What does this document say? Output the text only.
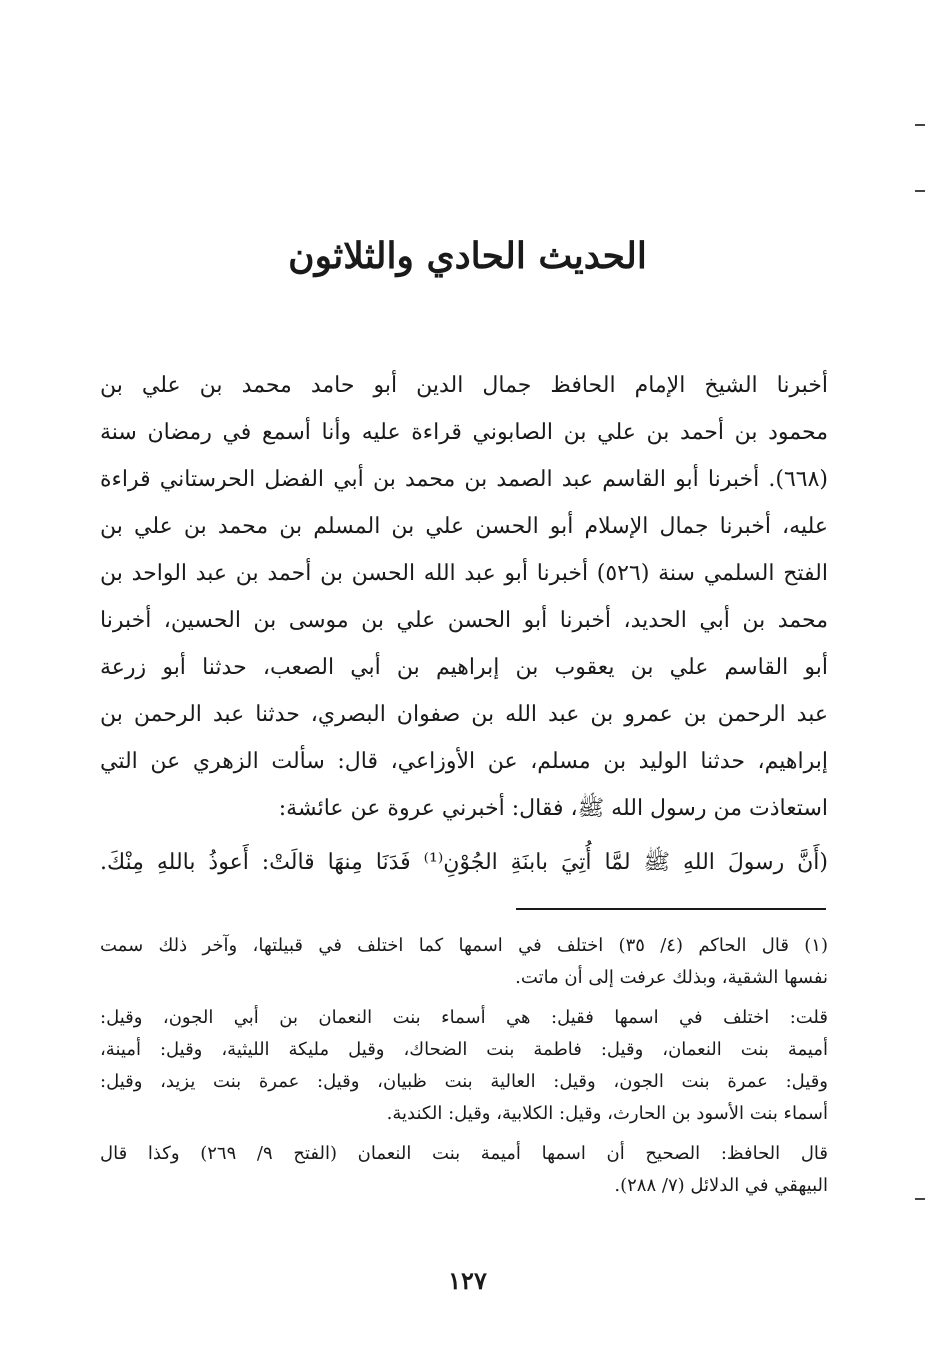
الحديث الحادي والثلاثون
أخبرنا الشيخ الإمام الحافظ جمال الدين أبو حامد محمد بن علي بن
محمود بن أحمد بن علي بن الصابوني قراءة عليه وأنا أسمع في رمضان سنة
(٦٦٨). أخبرنا أبو القاسم عبد الصمد بن محمد بن أبي الفضل الحرستاني قراءة
عليه، أخبرنا جمال الإسلام أبو الحسن علي بن المسلم بن محمد بن علي بن
الفتح السلمي سنة (٥٢٦) أخبرنا أبو عبد الله الحسن بن أحمد بن عبد الواحد بن
محمد بن أبي الحديد، أخبرنا أبو الحسن علي بن موسى بن الحسين، أخبرنا
أبو القاسم علي بن يعقوب بن إبراهيم بن أبي الصعب، حدثنا أبو زرعة
عبد الرحمن بن عمرو بن عبد الله بن صفوان البصري، حدثنا عبد الرحمن بن
إبراهيم، حدثنا الوليد بن مسلم، عن الأوزاعي، قال: سألت الزهري عن التي
استعاذت من رسول الله ﷺ، فقال: أخبرني عروة عن عائشة:
(أَنَّ رسولَ اللهِ ﷺ لمَّا أُتِيَ بابنَةِ الجُوْنِ⁽¹⁾ فَدَنَا مِنهَا قالَتْ: أَعوذُ باللهِ مِنْكَ.
(١) قال الحاكم (٤/ ٣٥) اختلف في اسمها كما اختلف في قبيلتها، وآخر ذلك سمت
نفسها الشقية، وبذلك عرفت إلى أن ماتت.
قلت: اختلف في اسمها فقيل: هي أسماء بنت النعمان بن أبي الجون، وقيل:
أميمة بنت النعمان، وقيل: فاطمة بنت الضحاك، وقيل مليكة الليثية، وقيل: أمينة،
وقيل: عمرة بنت الجون، وقيل: العالية بنت ظبيان، وقيل: عمرة بنت يزيد، وقيل:
أسماء بنت الأسود بن الحارث، وقيل: الكلابية، وقيل: الكندية.
قال الحافظ: الصحيح أن اسمها أميمة بنت النعمان (الفتح ٩/ ٢٦٩) وكذا قال
البيهقي في الدلائل (٧/ ٢٨٨).
١٢٧
